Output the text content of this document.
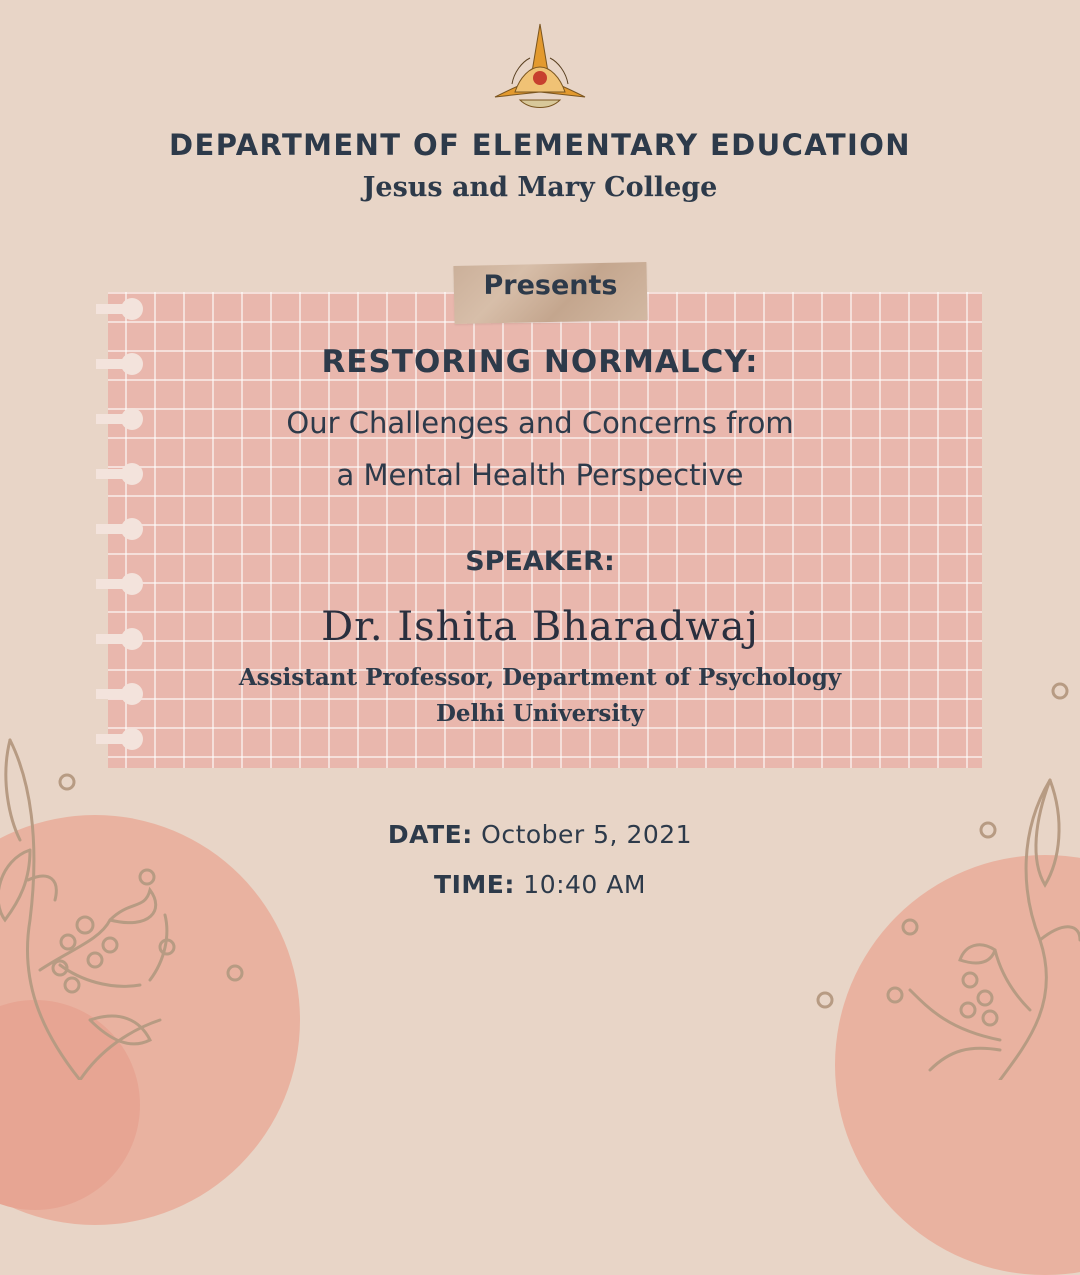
DEPARTMENT OF ELEMENTARY EDUCATION
Jesus and Mary College
Presents
RESTORING NORMALCY:
Our Challenges and Concerns from
a Mental Health Perspective
SPEAKER:
Dr. Ishita Bharadwaj
Assistant Professor, Department of Psychology
Delhi University
DATE: October 5, 2021
TIME: 10:40 AM
